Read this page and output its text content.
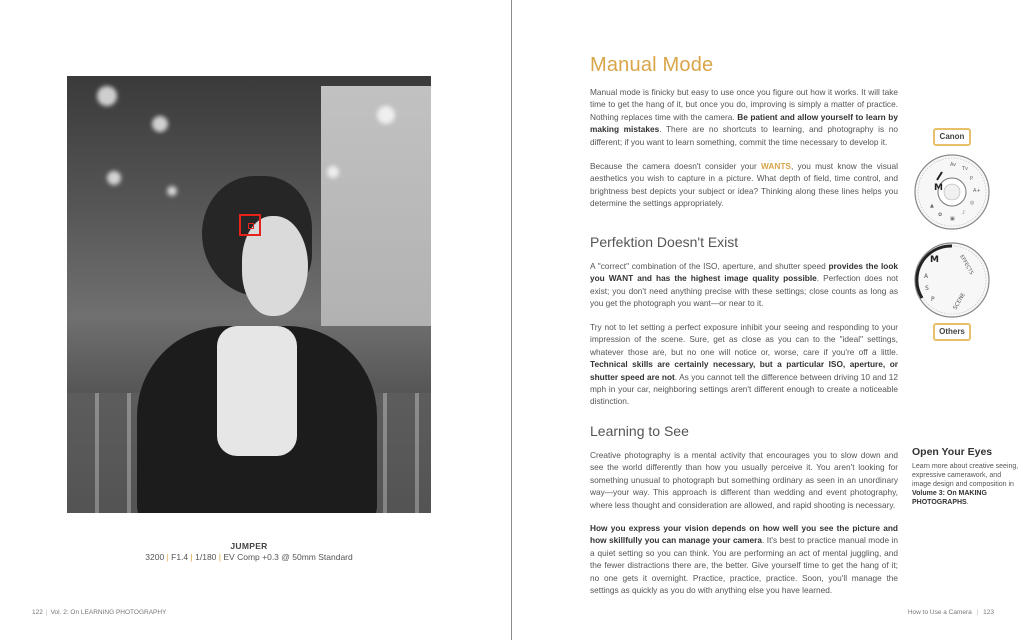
JUMPER
3200 | F1.4 | 1/180 | EV Comp +0.3 @ 50mm Standard
122 | Vol. 2: On LEARNING PHOTOGRAPHY
Manual Mode

Manual mode is finicky but easy to use once you figure out how it works. It will take time to get the hang of it, but once you do, improving is simply a matter of practice. Nothing replaces time with the camera. Be patient and allow yourself to learn by making mistakes. There are no shortcuts to learning, and photography is no different; if you want to learn something, commit the time necessary to develop it.

Because the camera doesn't consider your WANTS, you must know the visual aesthetics you wish to capture in a picture. What depth of field, time control, and brightness best depicts your subject or idea? Thinking along these lines helps you determine the settings appropriately.

Perfektion Doesn't Exist

A "correct" combination of the ISO, aperture, and shutter speed provides the look you WANT and has the highest image quality possible. Perfection does not exist; you don't need anything precise with these settings; close counts as long as you get the photograph you want—or near to it.

Try not to let setting a perfect exposure inhibit your seeing and responding to your impression of the scene. Sure, get as close as you can to the "ideal" settings, whatever those are, but no one will notice or, worse, care if you're off a little. Technical skills are certainly necessary, but a particular ISO, aperture, or shutter speed are not. As you cannot tell the difference between driving 10 and 12 mph in your car, neighboring settings aren't different enough to create a noticeable distinction.

Learning to See

Creative photography is a mental activity that encourages you to slow down and see the world differently than how you usually perceive it. You aren't looking for something unusual to photograph but something ordinary as seen in an unordinary way—your way. This approach is different than wedding and event photography, where less thought and consideration are allowed, and rapid shooting is necessary.

How you express your vision depends on how well you see the picture and how skillfully you can manage your camera. It's best to practice manual mode in a quiet setting so you can think. You are performing an act of mental juggling, and the fewer distractions there are, the better. Give yourself time to get the hang of it; no one gets it overnight. Practice, practice, practice. Soon, you'll manage the settings as quickly as you do with anything else you have learned.

Canon
Av
Tv
P
A+
◎
♪
▣
✿
▲
M
M
A
S
P	SCENE
EFFECTS
Others
Open Your Eyes

Learn more about creative seeing, expressive camerawork, and image design and composition in Volume 3: On MAKING PHOTOGRAPHS.

How to Use a Camera | 123
